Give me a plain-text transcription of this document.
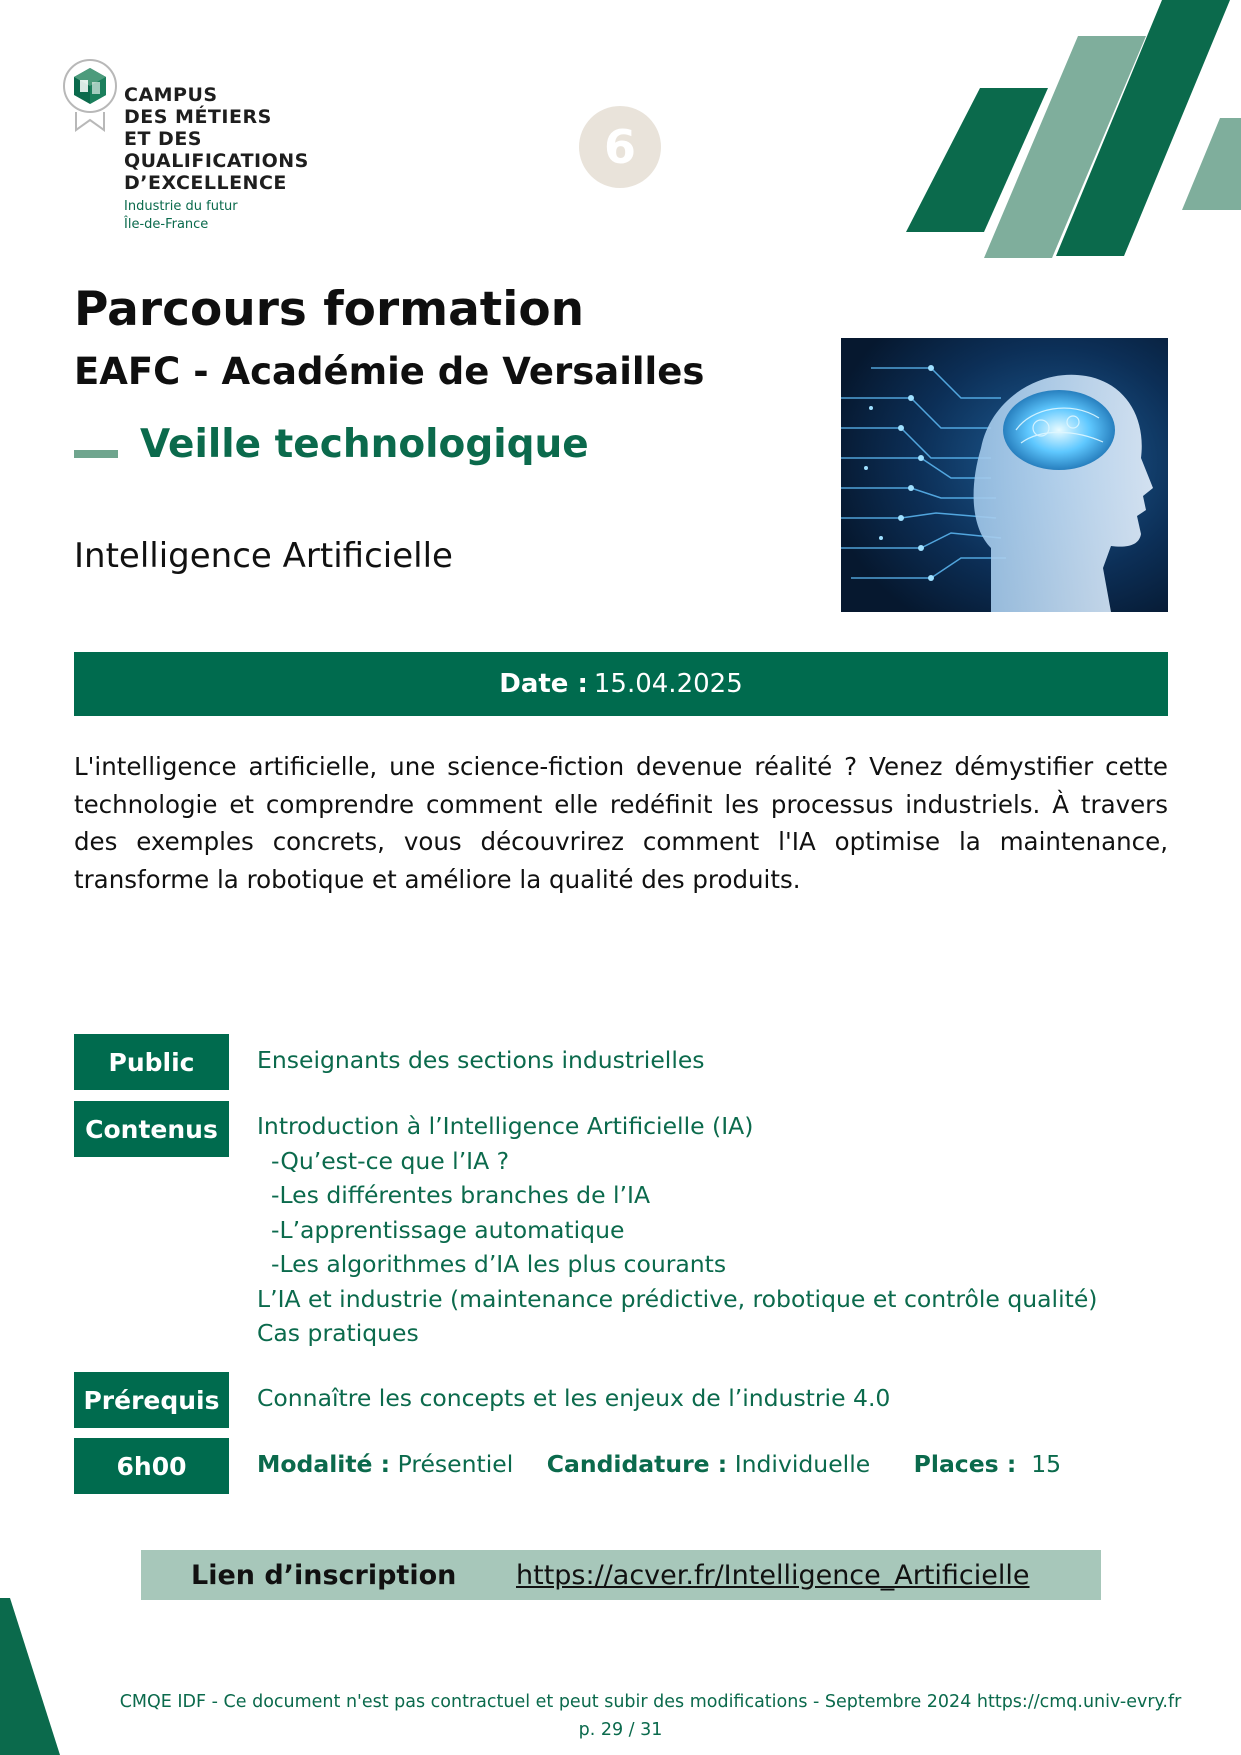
CAMPUS
DES MÉTIERS
ET DES
QUALIFICATIONS
D’EXCELLENCE
Industrie du futur
Île-de-France
6
Parcours formation
EAFC - Académie de Versailles
Veille technologique
Intelligence Artificielle
Date : 15.04.2025
L'intelligence artificielle, une science-fiction devenue réalité ? Venez démystifier cette technologie et comprendre comment elle redéfinit les processus industriels. À travers des exemples concrets, vous découvrirez comment l'IA optimise la maintenance, transforme la robotique et améliore la qualité des produits.
Public	Enseignants des sections industrielles
Contenus	Introduction à l’Intelligence Artificielle (IA)
-Qu’est-ce que l’IA ?
-Les différentes branches de l’IA
-L’apprentissage automatique
-Les algorithmes d’IA les plus courants
L’IA et industrie (maintenance prédictive, robotique et contrôle qualité)
Cas pratiques
Prérequis	Connaître les concepts et les enjeux de l’industrie 4.0
6h00	Modalité : Présentiel Candidature : Individuelle Places : 15
Lien d’inscription https://acver.fr/Intelligence_Artificielle
CMQE IDF - Ce document n'est pas contractuel et peut subir des modifications - Septembre 2024 https://cmq.univ-evry.fr
p. 29 / 31
